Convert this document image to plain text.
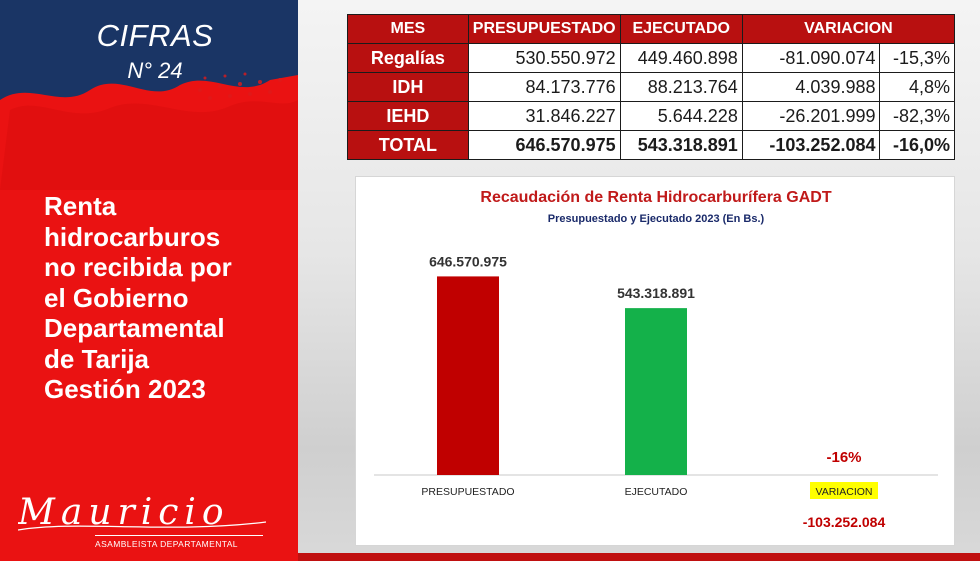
CIFRAS
N° 24
Renta
hidrocarburos
no recibida por
el Gobierno
Departamental
de Tarija
Gestión 2023
Mauricio
ASAMBLEISTA DEPARTAMENTAL
MES	PRESUPUESTADO	EJECUTADO	VARIACION	
Regalías	530.550.972	449.460.898	-81.090.074	-15,3%
IDH	84.173.776	88.213.764	4.039.988	4,8%
IEHD	31.846.227	5.644.228	-26.201.999	-82,3%
TOTAL	646.570.975	543.318.891	-103.252.084	-16,0%
Recaudación de Renta Hidrocarburífera GADT
Presupuestado y Ejecutado 2023 (En Bs.)
646.570.975
PRESUPUESTADO
543.318.891
EJECUTADO
-16%
-103.252.084
VARIACION
